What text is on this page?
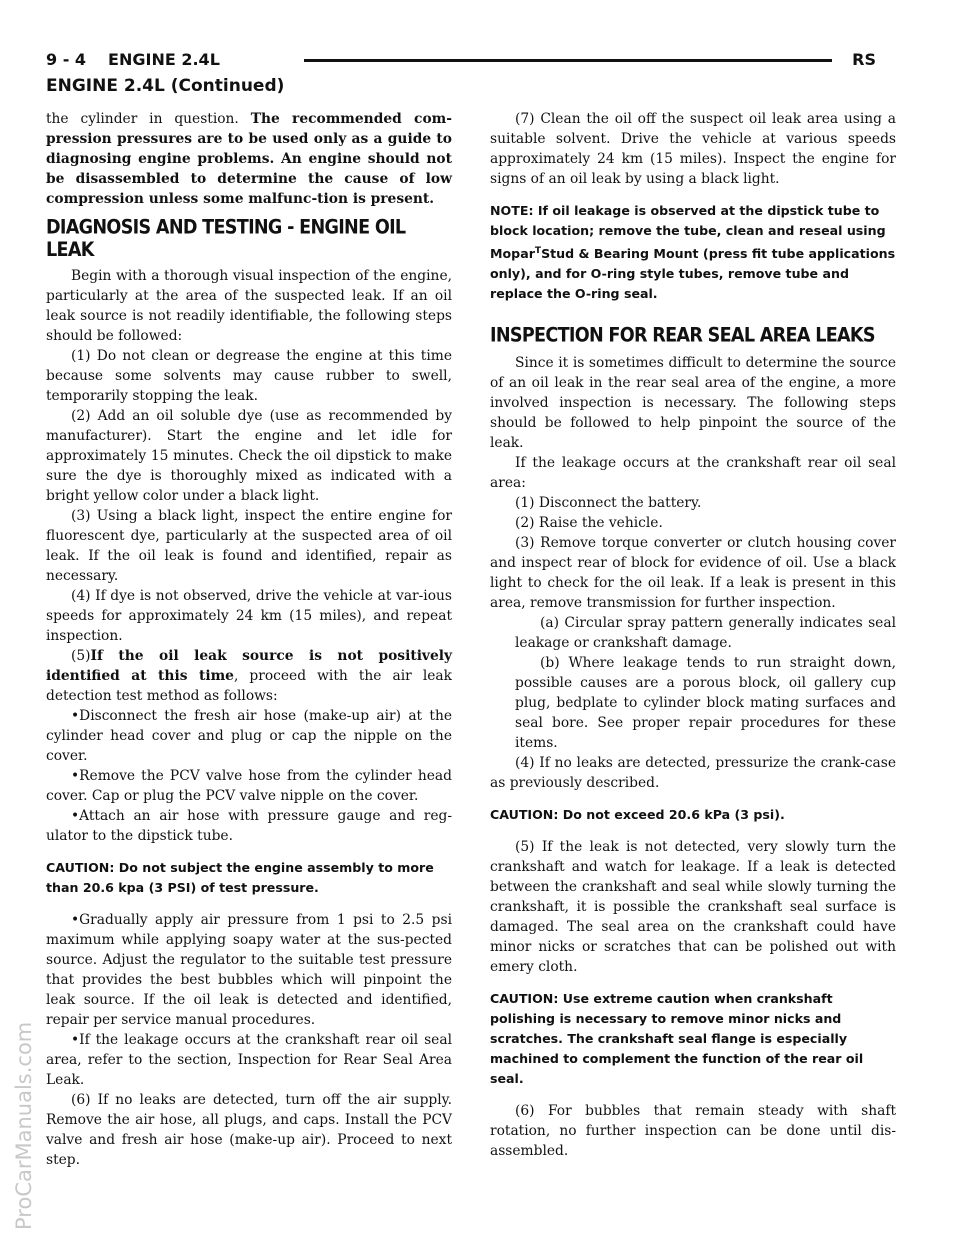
ProCarManuals.com
9 - 4 ENGINE 2.4L	RS
ENGINE 2.4L (Continued)

the cylinder in question. The recommended com-pression pressures are to be used only as a guide to diagnosing engine problems. An engine should not be disassembled to determine the cause of low compression unless some malfunc-tion is present.

DIAGNOSIS AND TESTING - ENGINE OIL LEAK

Begin with a thorough visual inspection of the engine, particularly at the area of the suspected leak. If an oil leak source is not readily identifiable, the following steps should be followed:

(1) Do not clean or degrease the engine at this time because some solvents may cause rubber to swell, temporarily stopping the leak.

(2) Add an oil soluble dye (use as recommended by manufacturer). Start the engine and let idle for approximately 15 minutes. Check the oil dipstick to make sure the dye is thoroughly mixed as indicated with a bright yellow color under a black light.

(3) Using a black light, inspect the entire engine for fluorescent dye, particularly at the suspected area of oil leak. If the oil leak is found and identified, repair as necessary.

(4) If dye is not observed, drive the vehicle at var-ious speeds for approximately 24 km (15 miles), and repeat inspection.

(5)If the oil leak source is not positively identified at this time, proceed with the air leak detection test method as follows:

•Disconnect the fresh air hose (make-up air) at the cylinder head cover and plug or cap the nipple on the cover.

•Remove the PCV valve hose from the cylinder head cover. Cap or plug the PCV valve nipple on the cover.

•Attach an air hose with pressure gauge and reg-ulator to the dipstick tube.

CAUTION: Do not subject the engine assembly to more than 20.6 kpa (3 PSI) of test pressure.

•Gradually apply air pressure from 1 psi to 2.5 psi maximum while applying soapy water at the sus-pected source. Adjust the regulator to the suitable test pressure that provides the best bubbles which will pinpoint the leak source. If the oil leak is detected and identified, repair per service manual procedures.

•If the leakage occurs at the crankshaft rear oil seal area, refer to the section, Inspection for Rear Seal Area Leak.

(6) If no leaks are detected, turn off the air supply. Remove the air hose, all plugs, and caps. Install the PCV valve and fresh air hose (make-up air). Proceed to next step.

(7) Clean the oil off the suspect oil leak area using a suitable solvent. Drive the vehicle at various speeds approximately 24 km (15 miles). Inspect the engine for signs of an oil leak by using a black light.

NOTE: If oil leakage is observed at the dipstick tube to block location; remove the tube, clean and reseal using Mopar$^T$Stud & Bearing Mount (press fit tube applications only), and for O-ring style tubes, remove tube and replace the O-ring seal.

INSPECTION FOR REAR SEAL AREA LEAKS

Since it is sometimes difficult to determine the source of an oil leak in the rear seal area of the engine, a more involved inspection is necessary. The following steps should be followed to help pinpoint the source of the leak.

If the leakage occurs at the crankshaft rear oil seal area:

(1) Disconnect the battery.

(2) Raise the vehicle.

(3) Remove torque converter or clutch housing cover and inspect rear of block for evidence of oil. Use a black light to check for the oil leak. If a leak is present in this area, remove transmission for further inspection.

(a) Circular spray pattern generally indicates seal leakage or crankshaft damage.

(b) Where leakage tends to run straight down, possible causes are a porous block, oil gallery cup plug, bedplate to cylinder block mating surfaces and seal bore. See proper repair procedures for these items.

(4) If no leaks are detected, pressurize the crank-case as previously described.

CAUTION: Do not exceed 20.6 kPa (3 psi).

(5) If the leak is not detected, very slowly turn the crankshaft and watch for leakage. If a leak is detected between the crankshaft and seal while slowly turning the crankshaft, it is possible the crankshaft seal surface is damaged. The seal area on the crankshaft could have minor nicks or scratches that can be polished out with emery cloth.

CAUTION: Use extreme caution when crankshaft polishing is necessary to remove minor nicks and scratches. The crankshaft seal flange is especially machined to complement the function of the rear oil seal.

(6) For bubbles that remain steady with shaft rotation, no further inspection can be done until dis-assembled.
